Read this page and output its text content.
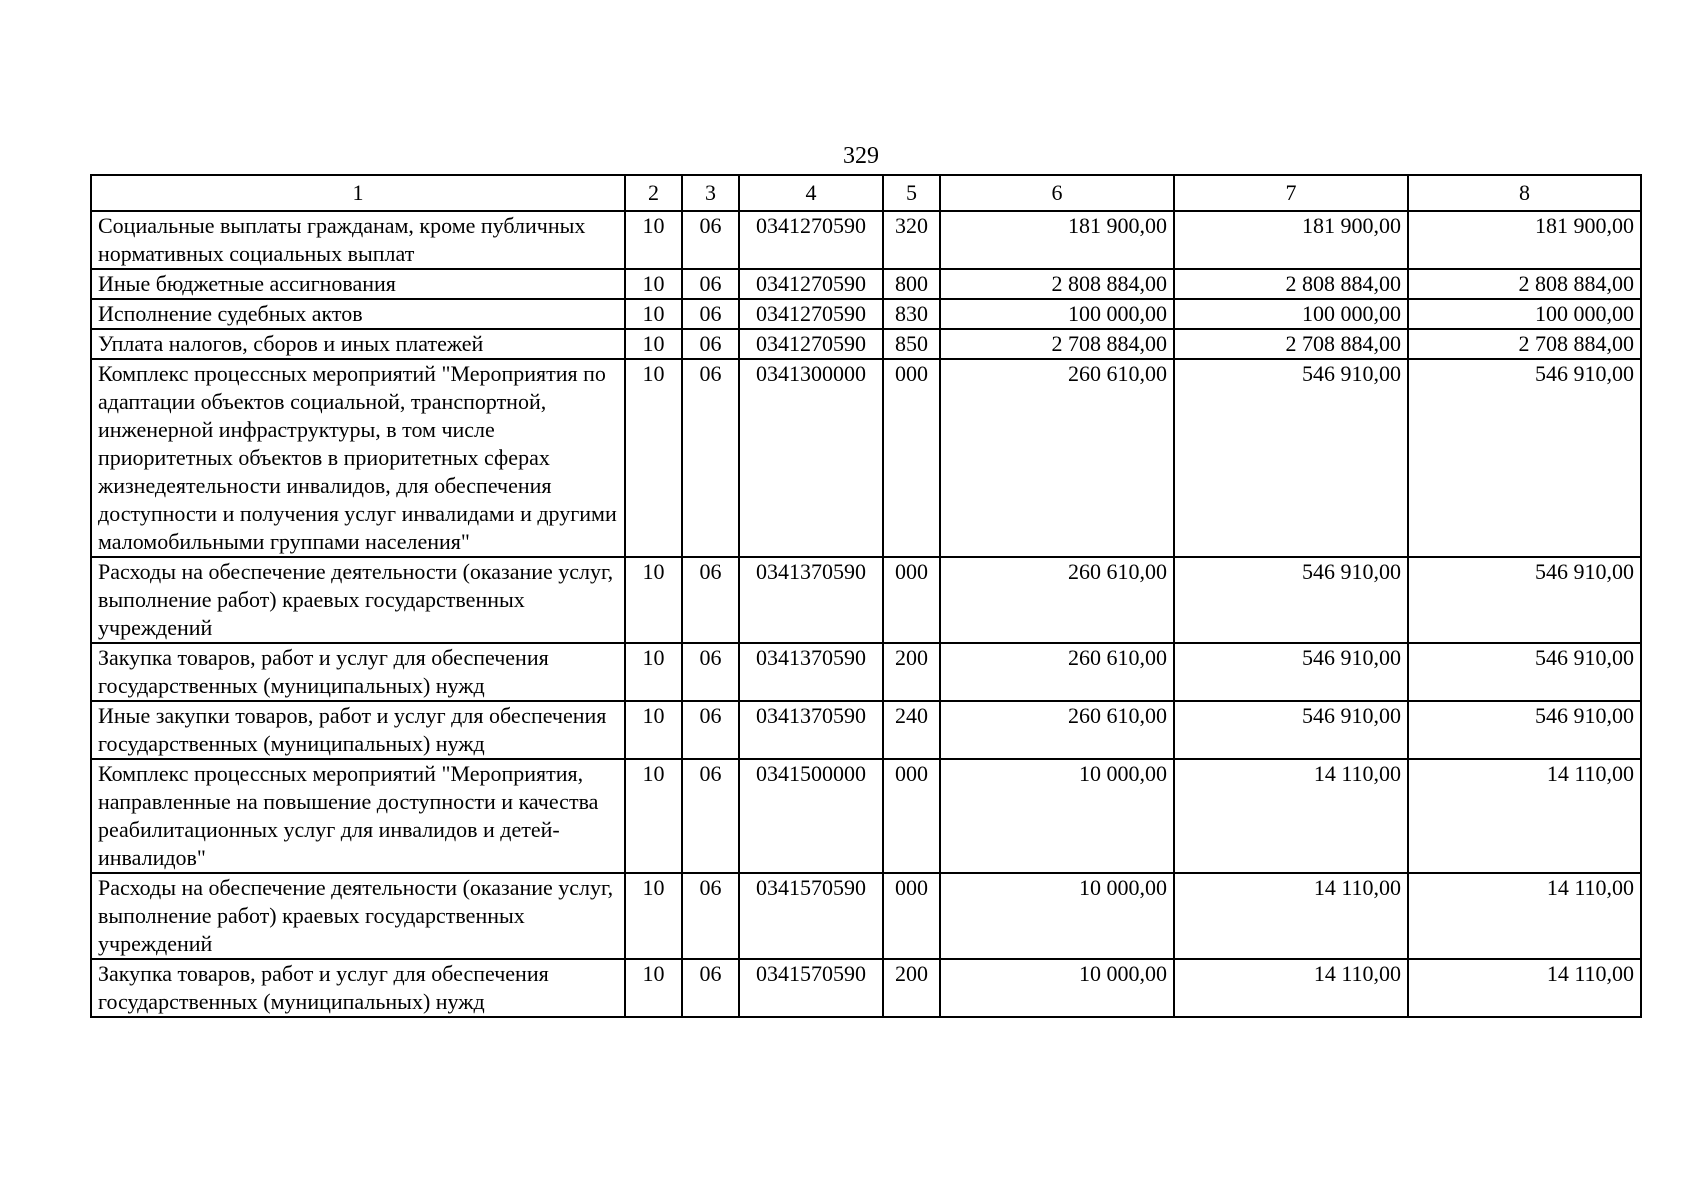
329
1	2	3	4	5	6	7	8
Социальные выплаты гражданам, кроме публичных нормативных социальных выплат	10	06	0341270590	320	181 900,00	181 900,00	181 900,00
Иные бюджетные ассигнования	10	06	0341270590	800	2 808 884,00	2 808 884,00	2 808 884,00
Исполнение судебных актов	10	06	0341270590	830	100 000,00	100 000,00	100 000,00
Уплата налогов, сборов и иных платежей	10	06	0341270590	850	2 708 884,00	2 708 884,00	2 708 884,00
Комплекс процессных мероприятий "Мероприятия по адаптации объектов социальной, транспортной, инженерной инфраструктуры, в том числе приоритетных объектов в приоритетных сферах жизнедеятельности инвалидов, для обеспечения доступности и получения услуг инвалидами и другими маломобильными группами населения"	10	06	0341300000	000	260 610,00	546 910,00	546 910,00
Расходы на обеспечение деятельности (оказание услуг, выполнение работ) краевых государственных учреждений	10	06	0341370590	000	260 610,00	546 910,00	546 910,00
Закупка товаров, работ и услуг для обеспечения государственных (муниципальных) нужд	10	06	0341370590	200	260 610,00	546 910,00	546 910,00
Иные закупки товаров, работ и услуг для обеспечения государственных (муниципальных) нужд	10	06	0341370590	240	260 610,00	546 910,00	546 910,00
Комплекс процессных мероприятий "Мероприятия, направленные на повышение доступности и качества реабилитационных услуг для инвалидов и детей-инвалидов"	10	06	0341500000	000	10 000,00	14 110,00	14 110,00
Расходы на обеспечение деятельности (оказание услуг, выполнение работ) краевых государственных учреждений	10	06	0341570590	000	10 000,00	14 110,00	14 110,00
Закупка товаров, работ и услуг для обеспечения государственных (муниципальных) нужд	10	06	0341570590	200	10 000,00	14 110,00	14 110,00
